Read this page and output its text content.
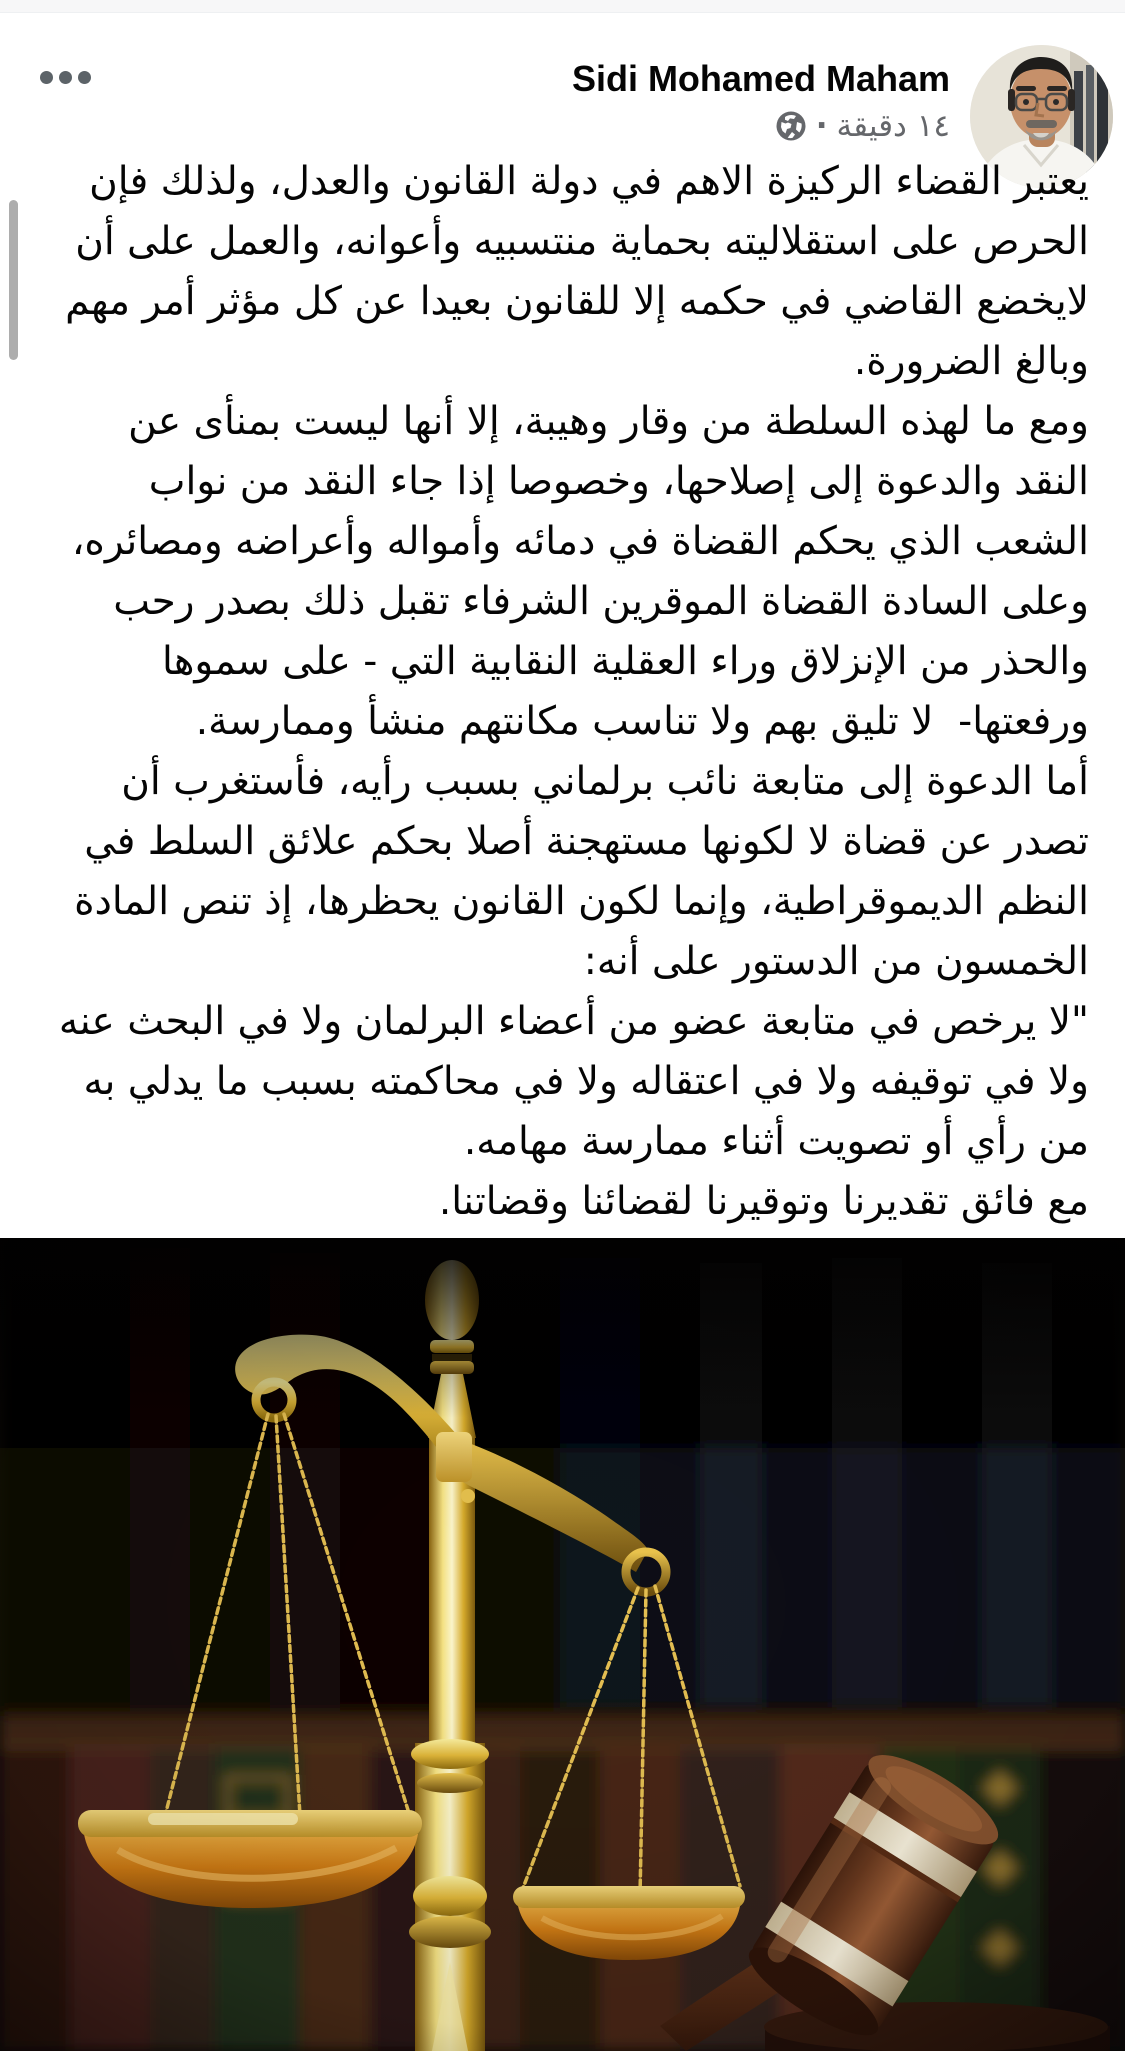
Sidi Mohamed Maham
١٤ دقيقة
·
يعتبر القضاء الركيزة الاهم في دولة القانون والعدل، ولذلك فإن
الحرص على استقلاليته بحماية منتسبيه وأعوانه، والعمل على أن
لايخضع القاضي في حكمه إلا للقانون بعيدا عن كل مؤثر أمر مهم
وبالغ الضرورة.
ومع ما لهذه السلطة من وقار وهيبة، إلا أنها ليست بمنأى عن
النقد والدعوة إلى إصلاحها، وخصوصا إذا جاء النقد من نواب
الشعب الذي يحكم القضاة في دمائه وأمواله وأعراضه ومصائره،
وعلى السادة القضاة الموقرين الشرفاء تقبل ذلك بصدر رحب
والحذر من الإنزلاق وراء العقلية النقابية التي - على سموها
ورفعتها-  لا تليق بهم ولا تناسب مكانتهم منشأً وممارسة.
أما الدعوة إلى متابعة نائب برلماني بسبب رأيه، فأستغرب أن
تصدر عن قضاة لا لكونها مستهجنة أصلا بحكم علائق السلط في
النظم الديموقراطية، وإنما لكون القانون يحظرها، إذ تنص المادة
الخمسون من الدستور على أنه:
"لا يرخص في متابعة عضو من أعضاء البرلمان ولا في البحث عنه
ولا في توقيفه ولا في اعتقاله ولا في محاكمته بسبب ما يدلي به
من رأي أو تصويت أثناء ممارسة مهامه.
مع فائق تقديرنا وتوقيرنا لقضائنا وقضاتنا.
